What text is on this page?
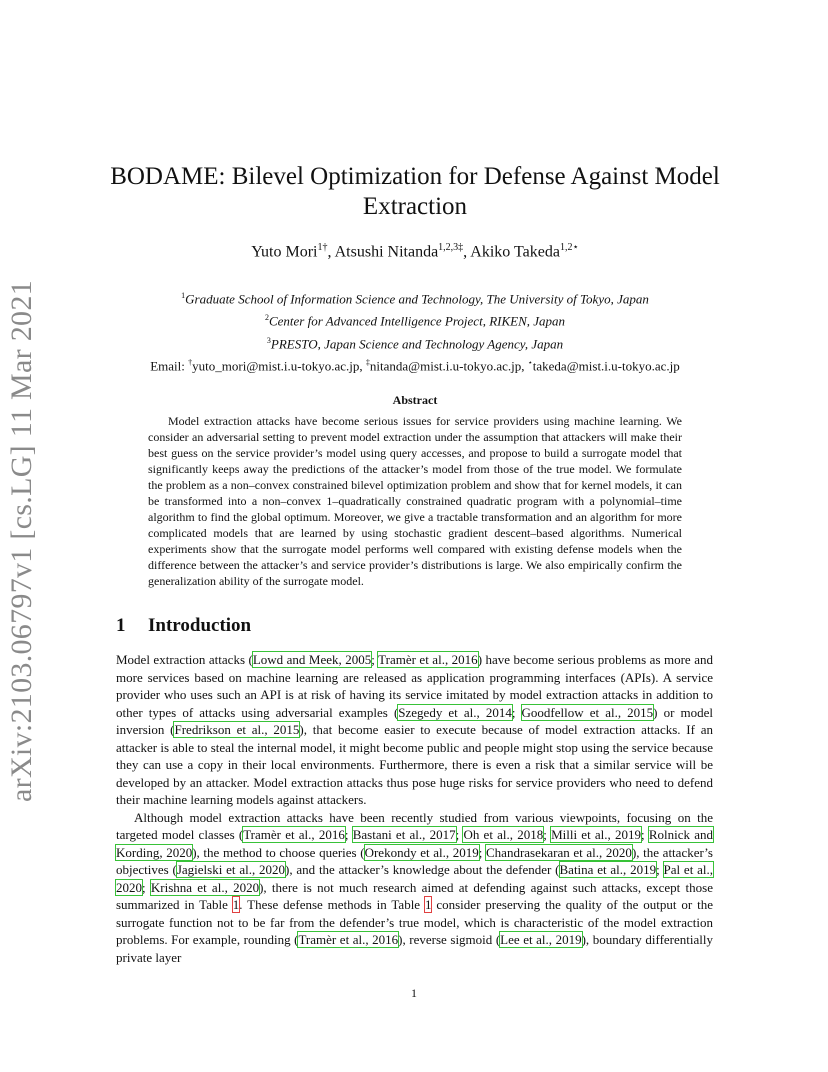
arXiv:2103.06797v1 [cs.LG] 11 Mar 2021
BODAME: Bilevel Optimization for Defense Against Model Extraction
Yuto Mori$^{1\dagger}$, Atsushi Nitanda$^{1,2,3\ddagger}$, Akiko Takeda$^{1,2⋆}$
$^1$Graduate School of Information Science and Technology, The University of Tokyo, Japan
$^2$Center for Advanced Intelligence Project, RIKEN, Japan
$^3$PRESTO, Japan Science and Technology Agency, Japan
Email: †yuto_mori@mist.i.u-tokyo.ac.jp, ‡nitanda@mist.i.u-tokyo.ac.jp, ⋆takeda@mist.i.u-tokyo.ac.jp
Abstract

Model extraction attacks have become serious issues for service providers using machine learning. We consider an adversarial setting to prevent model extraction under the assumption that attackers will make their best guess on the service provider’s model using query accesses, and propose to build a surrogate model that significantly keeps away the predictions of the attacker’s model from those of the true model. We formulate the problem as a non–convex constrained bilevel optimization problem and show that for kernel models, it can be transformed into a non–convex 1–quadratically constrained quadratic program with a polynomial–time algorithm to find the global optimum. Moreover, we give a tractable transformation and an algorithm for more complicated models that are learned by using stochastic gradient descent–based algorithms. Numerical experiments show that the surrogate model performs well compared with existing defense models when the difference between the attacker’s and service provider’s distributions is large. We also empirically confirm the generalization ability of the surrogate model.

1 Introduction

Model extraction attacks (Lowd and Meek, 2005; Tramèr et al., 2016) have become serious problems as more and more services based on machine learning are released as application programming interfaces (APIs). A service provider who uses such an API is at risk of having its service imitated by model extraction attacks in addition to other types of attacks using adversarial examples (Szegedy et al., 2014; Goodfellow et al., 2015) or model inversion (Fredrikson et al., 2015), that become easier to execute because of model extraction attacks. If an attacker is able to steal the internal model, it might become public and people might stop using the service because they can use a copy in their local environments. Furthermore, there is even a risk that a similar service will be developed by an attacker. Model extraction attacks thus pose huge risks for service providers who need to defend their machine learning models against attackers.

Although model extraction attacks have been recently studied from various viewpoints, focusing on the targeted model classes (Tramèr et al., 2016; Bastani et al., 2017; Oh et al., 2018; Milli et al., 2019; Rolnick and Kording, 2020), the method to choose queries (Orekondy et al., 2019; Chandrasekaran et al., 2020), the attacker’s objectives (Jagielski et al., 2020), and the attacker’s knowledge about the defender (Batina et al., 2019; Pal et al., 2020; Krishna et al., 2020), there is not much research aimed at defending against such attacks, except those summarized in Table 1. These defense methods in Table 1 consider preserving the quality of the output or the surrogate function not to be far from the defender’s true model, which is characteristic of the model extraction problems. For example, rounding (Tramèr et al., 2016), reverse sigmoid (Lee et al., 2019), boundary differentially private layer

1
